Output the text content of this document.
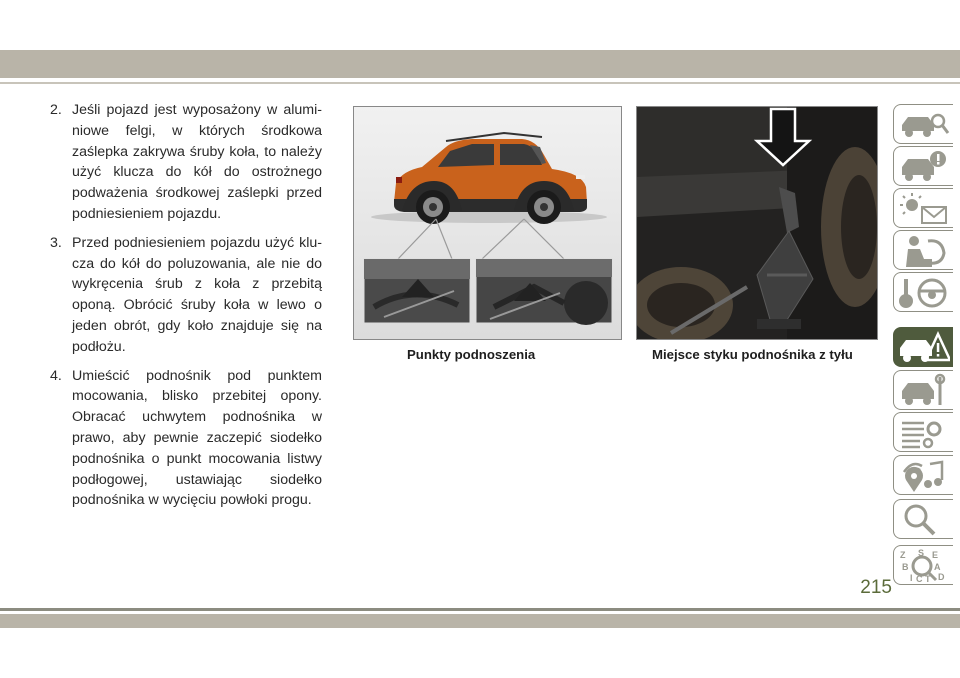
2. Jeśli pojazd jest wyposażony w aluminiowe felgi, w których środkowa zaślepka zakrywa śruby koła, to należy użyć klucza do kół do ostrożnego podważenia środkowej zaślepki przed podniesieniem pojazdu.
3. Przed podniesieniem pojazdu użyć klucza do kół do poluzowania, ale nie do wykręcenia śrub z koła z przebitą oponą. Obrócić śruby koła w lewo o jeden obrót, gdy koło znajduje się na podłożu.
4. Umieścić podnośnik pod punktem mocowania, blisko przebitej opony. Obracać uchwytem podnośnika w prawo, aby pewnie zaczepić siodełko podnośnika o punkt mocowania listwy podłogowej, ustawiając siodełko podnośnika w wycięciu powłoki progu.
Punkty podnoszenia	Miejsce styku podnośnika z tyłu
Z
B
I
S E
A
D
C T
215
